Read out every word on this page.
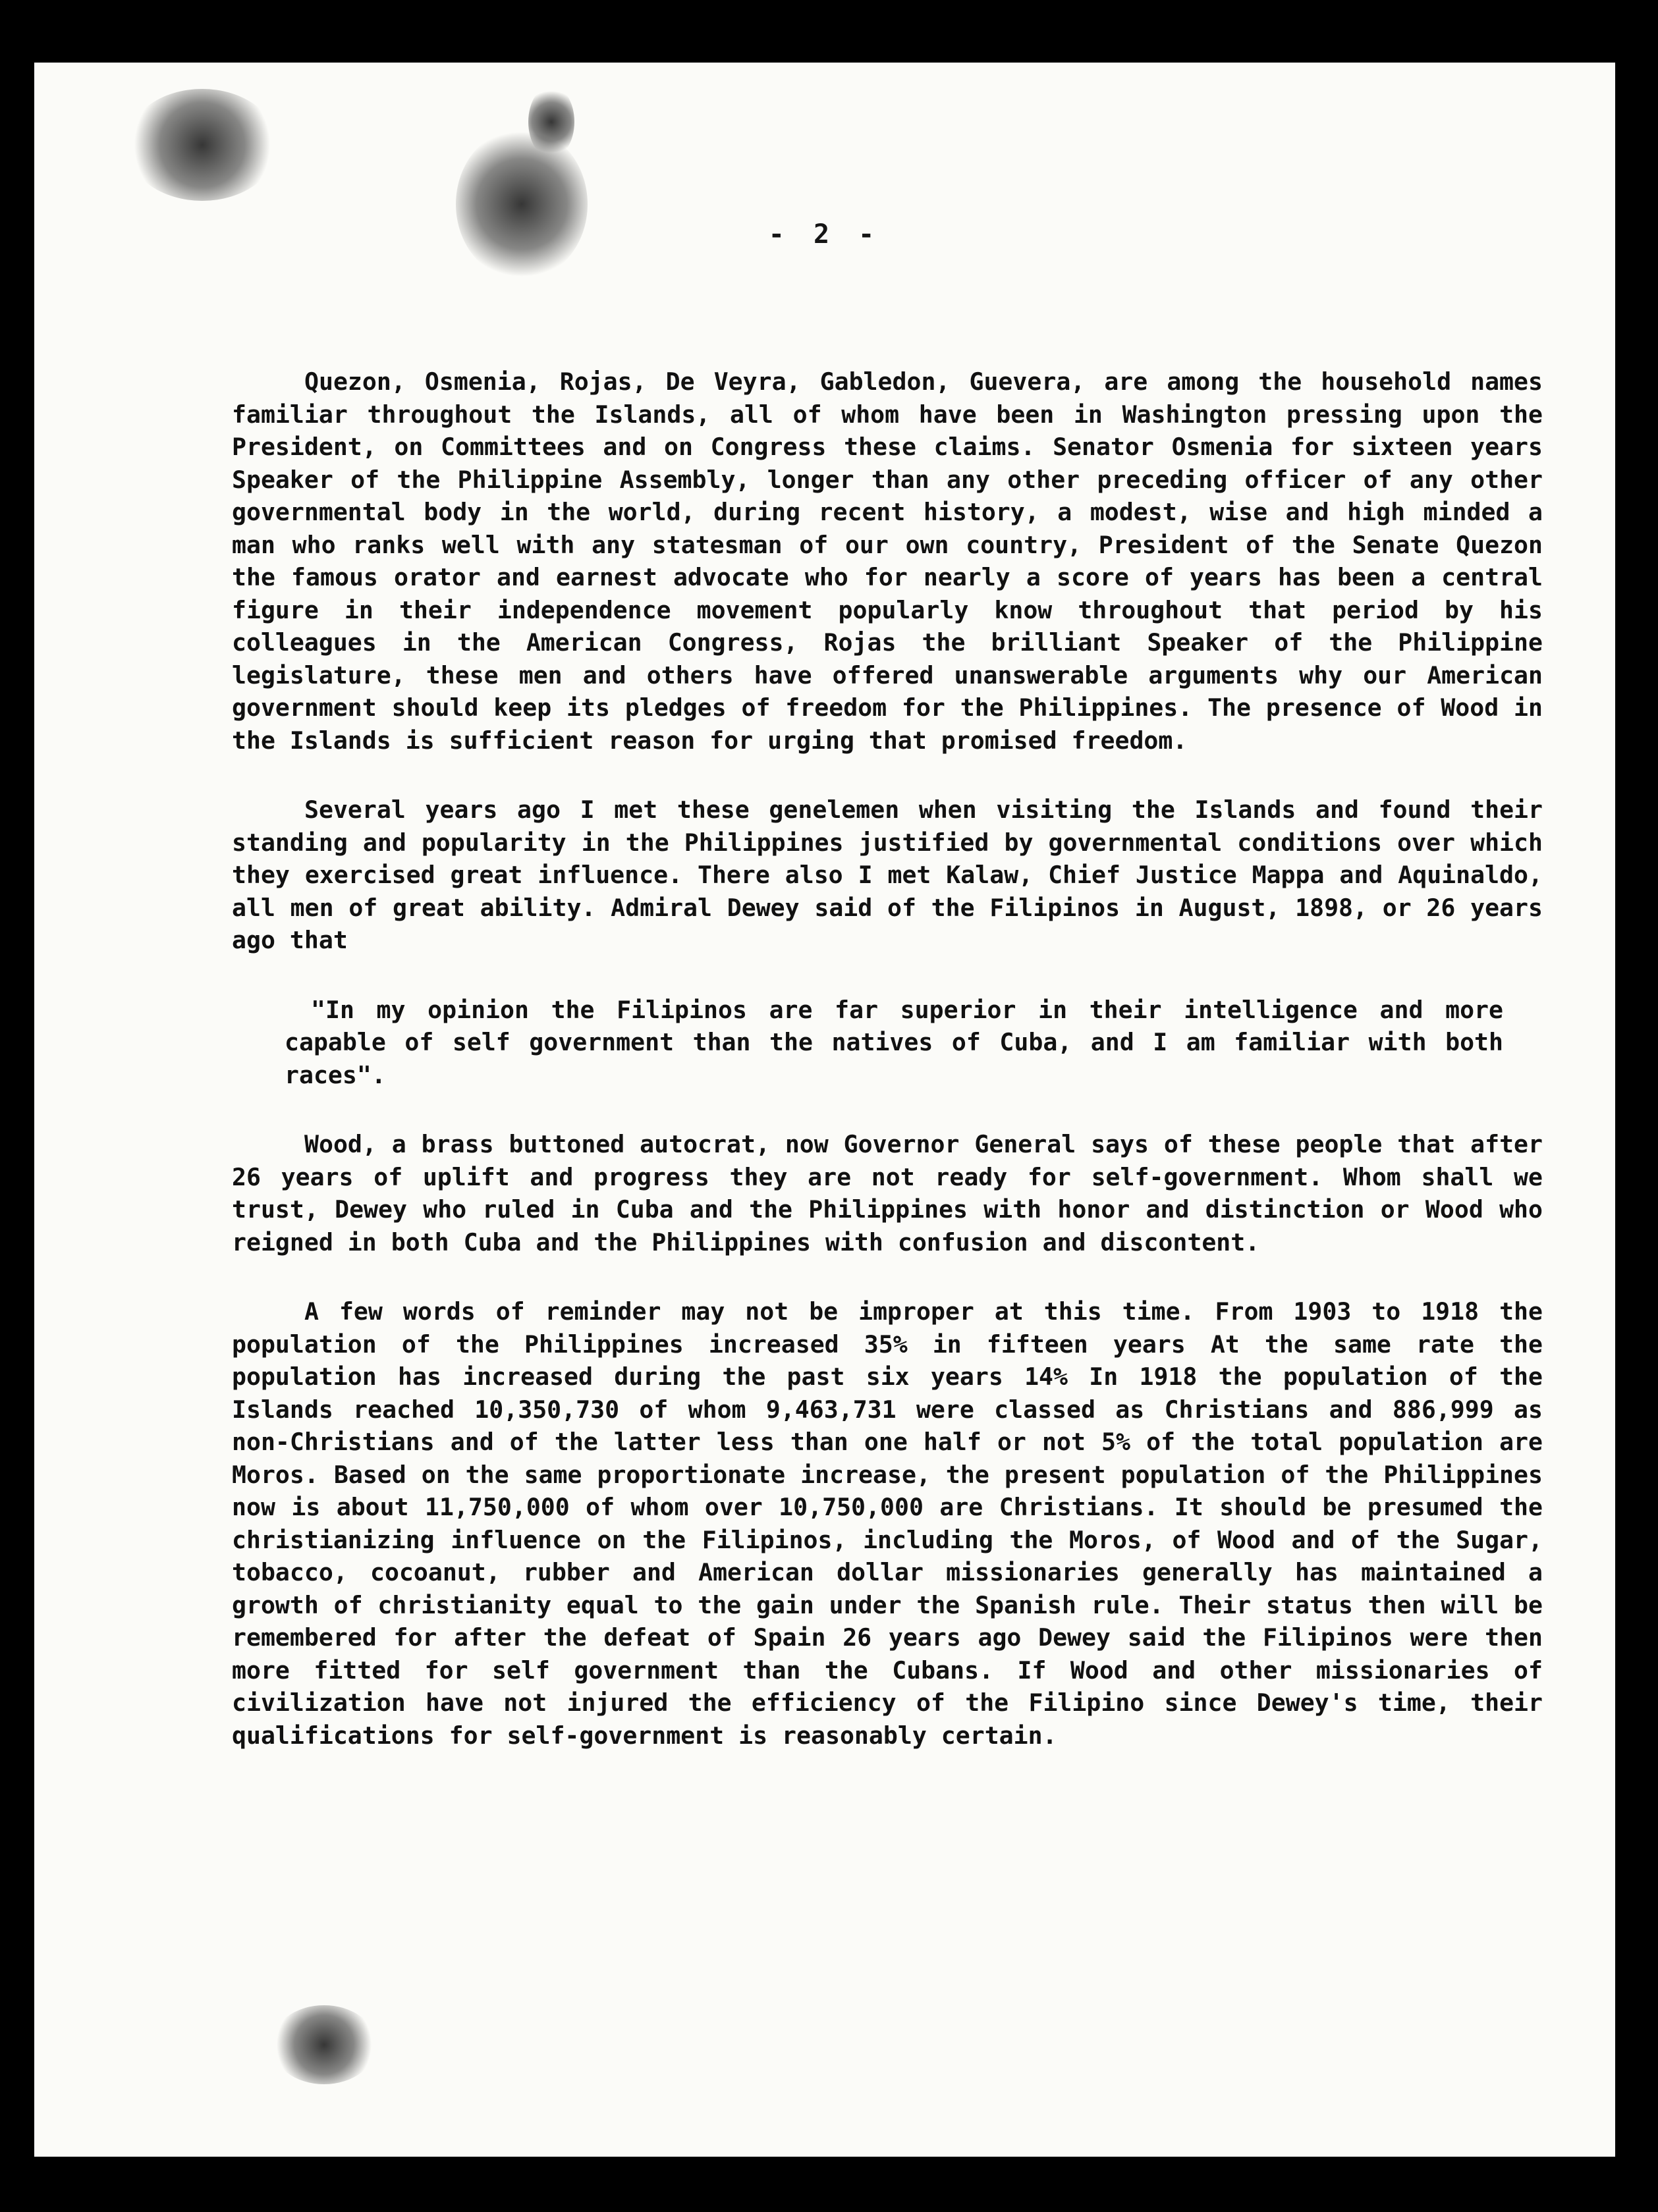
- 2 -

Quezon, Osmenia, Rojas, De Veyra, Gabledon, Guevera, are among the household names familiar throughout the Islands, all of whom have been in Washington pressing upon the President, on Committees and on Congress these claims. Senator Osmenia for sixteen years Speaker of the Philippine Assembly, longer than any other preceding officer of any other governmental body in the world, during recent history, a modest, wise and high minded a man who ranks well with any statesman of our own country, President of the Senate Quezon the famous orator and earnest advocate who for nearly a score of years has been a central figure in their independence movement popularly know throughout that period by his colleagues in the American Congress, Rojas the brilliant Speaker of the Philippine legislature, these men and others have offered unanswerable arguments why our American government should keep its pledges of freedom for the Philippines. The presence of Wood in the Islands is sufficient reason for urging that promised freedom.

Several years ago I met these genelemen when visiting the Islands and found their standing and popularity in the Philippines justified by governmental conditions over which they exercised great influence. There also I met Kalaw, Chief Justice Mappa and Aquinaldo, all men of great ability. Admiral Dewey said of the Filipinos in August, 1898, or 26 years ago that

"In my opinion the Filipinos are far superior in their intelligence and more capable of self government than the natives of Cuba, and I am familiar with both races".

Wood, a brass buttoned autocrat, now Governor General says of these people that after 26 years of uplift and progress they are not ready for self-government. Whom shall we trust, Dewey who ruled in Cuba and the Philippines with honor and distinction or Wood who reigned in both Cuba and the Philippines with confusion and discontent.

A few words of reminder may not be improper at this time. From 1903 to 1918 the population of the Philippines increased 35% in fifteen years At the same rate the population has increased during the past six years 14% In 1918 the population of the Islands reached 10,350,730 of whom 9,463,731 were classed as Christians and 886,999 as non-Christians and of the latter less than one half or not 5% of the total population are Moros. Based on the same proportionate increase, the present population of the Philippines now is about 11,750,000 of whom over 10,750,000 are Christians. It should be presumed the christianizing influence on the Filipinos, including the Moros, of Wood and of the Sugar, tobacco, cocoanut, rubber and American dollar missionaries generally has maintained a growth of christianity equal to the gain under the Spanish rule. Their status then will be remembered for after the defeat of Spain 26 years ago Dewey said the Filipinos were then more fitted for self government than the Cubans. If Wood and other missionaries of civilization have not injured the efficiency of the Filipino since Dewey's time, their qualifications for self-government is reasonably certain.
